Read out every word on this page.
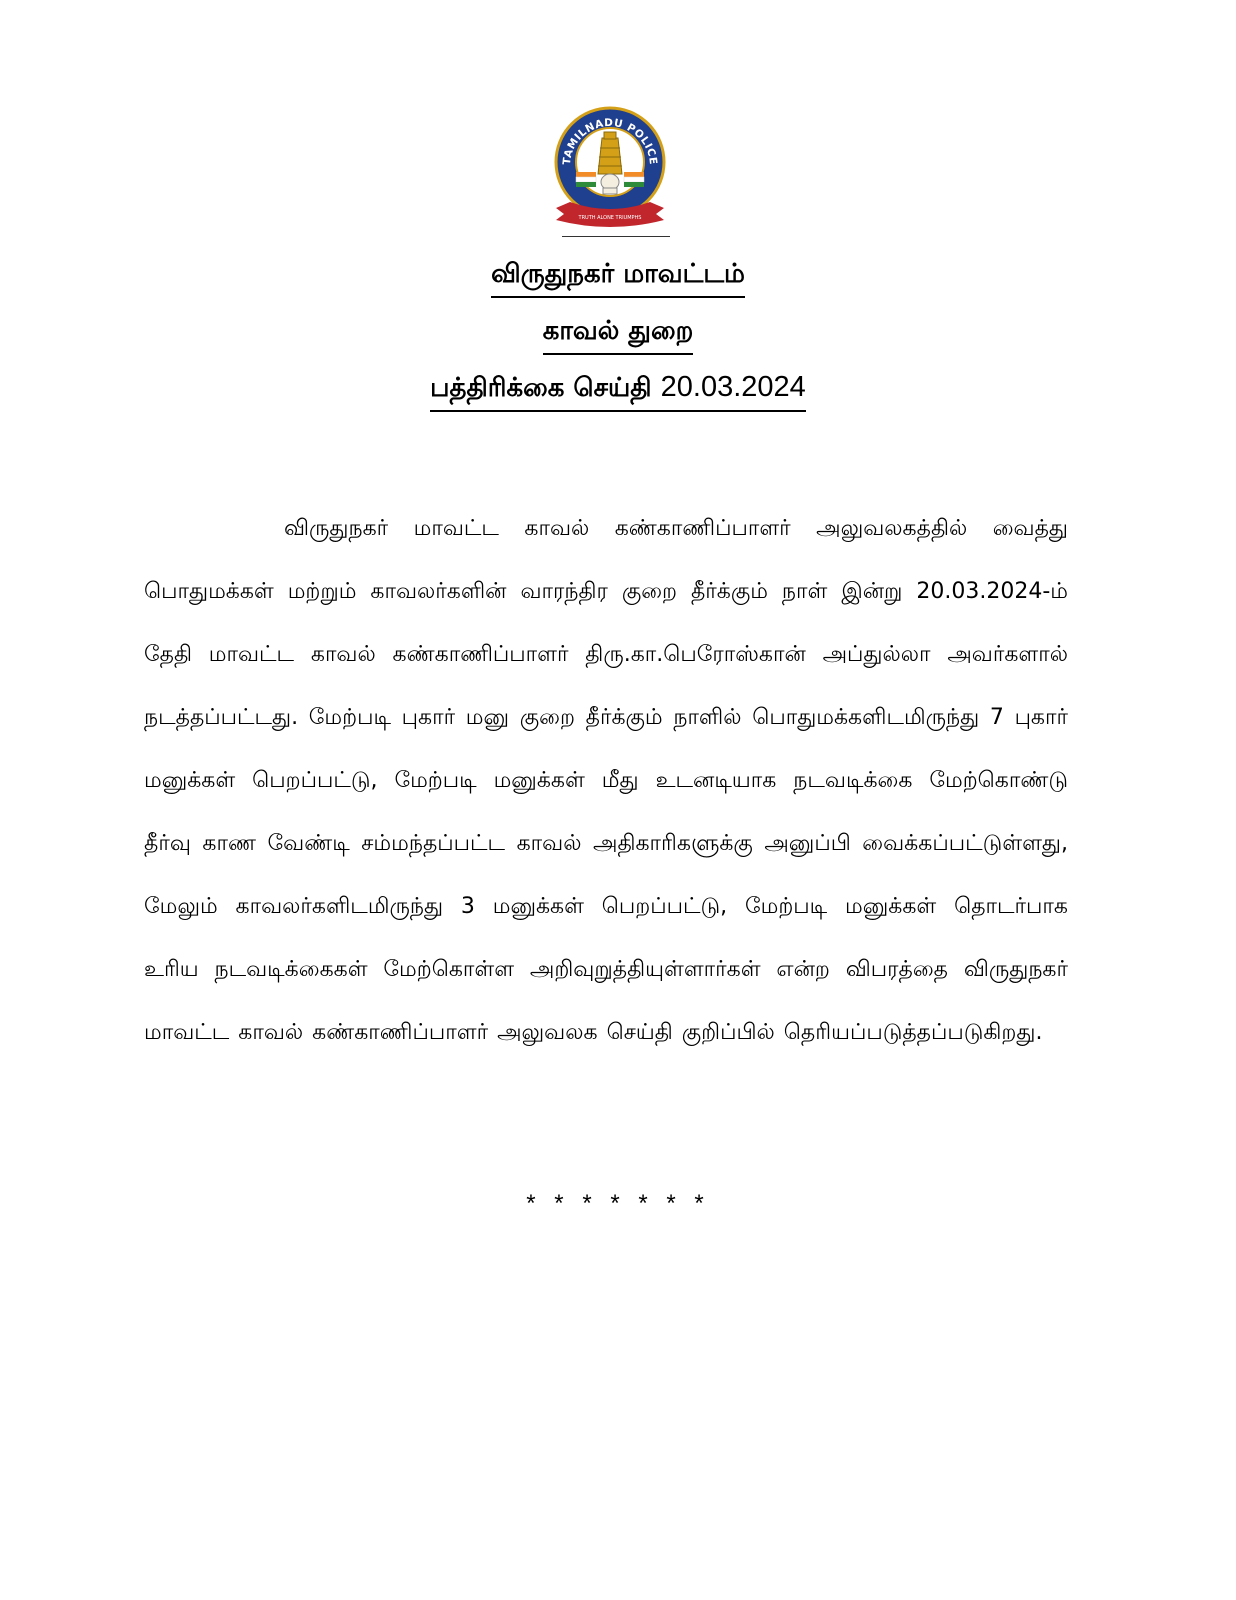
TAMILNADU POLICE
TRUTH ALONE TRIUMPHS
விருதுநகர் மாவட்டம்
காவல் துறை
பத்திரிக்கை செய்தி 20.03.2024

விருதுநகர் மாவட்ட காவல் கண்காணிப்பாளர் அலுவலகத்தில் வைத்து பொதுமக்கள் மற்றும் காவலர்களின் வாரந்திர குறை தீர்க்கும் நாள் இன்று 20.03.2024-ம் தேதி மாவட்ட காவல் கண்காணிப்பாளர் திரு.கா.பெரோஸ்கான் அப்துல்லா அவர்களால் நடத்தப்பட்டது. மேற்படி புகார் மனு குறை தீர்க்கும் நாளில் பொதுமக்களிடமிருந்து 7 புகார் மனுக்கள் பெறப்பட்டு, மேற்படி மனுக்கள் மீது உடனடியாக நடவடிக்கை மேற்கொண்டு தீர்வு காண வேண்டி சம்மந்தப்பட்ட காவல் அதிகாரிகளுக்கு அனுப்பி வைக்கப்பட்டுள்ளது, மேலும் காவலர்களிடமிருந்து 3 மனுக்கள் பெறப்பட்டு, மேற்படி மனுக்கள் தொடர்பாக உரிய நடவடிக்கைகள் மேற்கொள்ள அறிவுறுத்தியுள்ளார்கள் என்ற விபரத்தை விருதுநகர் மாவட்ட காவல் கண்காணிப்பாளர் அலுவலக செய்தி குறிப்பில் தெரியப்படுத்தப்படுகிறது.

* * * * * * *
